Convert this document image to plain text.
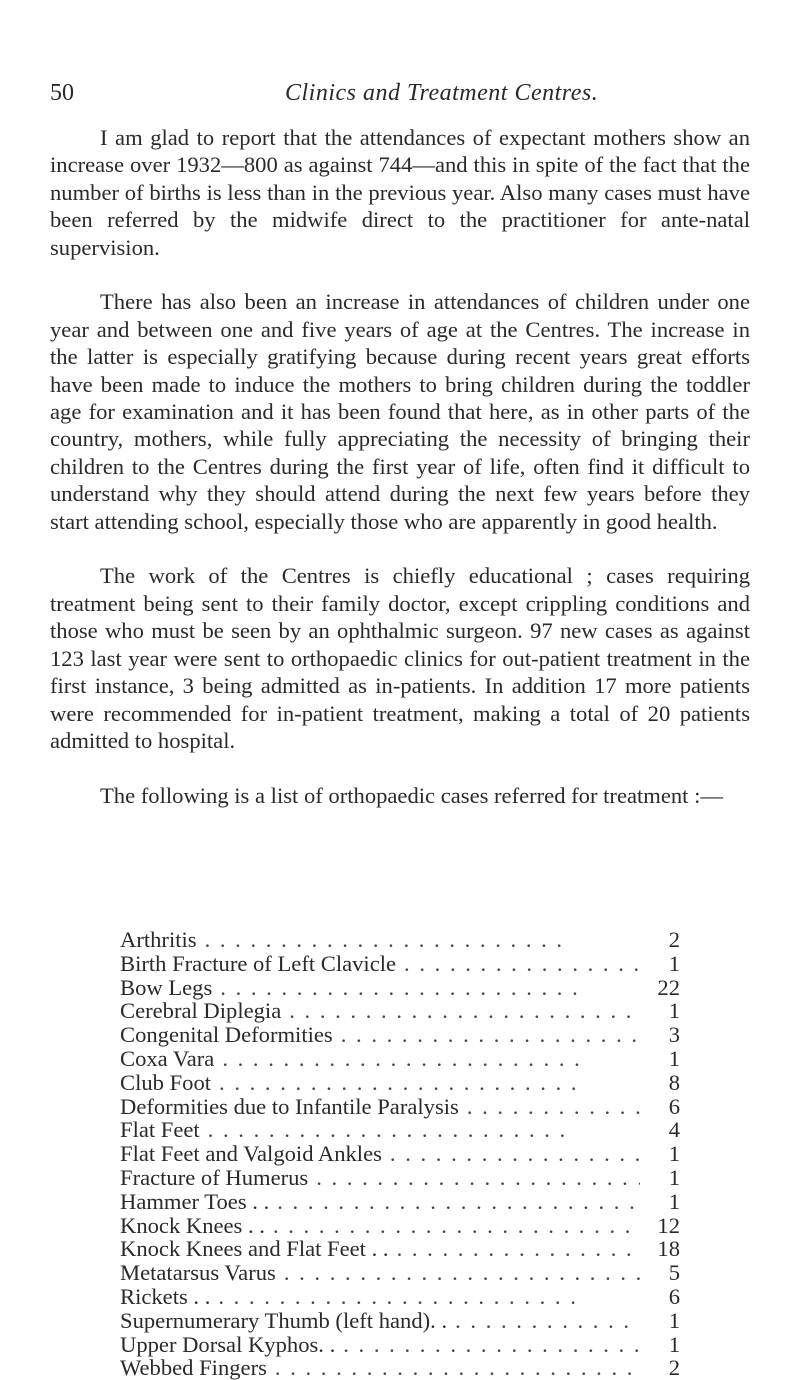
50	Clinics and Treatment Centres.

I am glad to report that the attendances of expectant mothers show an increase over 1932—800 as against 744—and this in spite of the fact that the number of births is less than in the previous year. Also many cases must have been referred by the midwife direct to the practitioner for ante-natal supervision.

There has also been an increase in attendances of children under one year and between one and five years of age at the Centres. The increase in the latter is especially gratifying because during recent years great efforts have been made to induce the mothers to bring children during the toddler age for examination and it has been found that here, as in other parts of the country, mothers, while fully appreciating the necessity of bringing their children to the Centres during the first year of life, often find it difficult to understand why they should attend during the next few years before they start attending school, especially those who are apparently in good health.

The work of the Centres is chiefly educational ; cases requiring treatment being sent to their family doctor, except crippling conditions and those who must be seen by an ophthalmic surgeon. 97 new cases as against 123 last year were sent to orthopaedic clinics for out-patient treatment in the first instance, 3 being admitted as in-patients. In addition 17 more patients were recommended for in-patient treatment, making a total of 20 patients admitted to hospital.

The following is a list of orthopaedic cases referred for treatment :—

Arthritis . .	2
Birth Fracture of Left Clavicle . .	1
Bow Legs . .	22
Cerebral Diplegia . .	1
Congenital Deformities . .	3
Coxa Vara . .	1
Club Foot . .	8
Deformities due to Infantile Paralysis . .	6
Flat Feet . .	4
Flat Feet and Valgoid Ankles . .	1
Fracture of Humerus . .	1
Hammer Toes . . . .	1
Knock Knees . . . .	12
Knock Knees and Flat Feet . . . .	18
Metatarsus Varus . .	5
Rickets . . . .	6
Supernumerary Thumb (left hand). . . .	1
Upper Dorsal Kyphos. . . .	1
Webbed Fingers . .	2
